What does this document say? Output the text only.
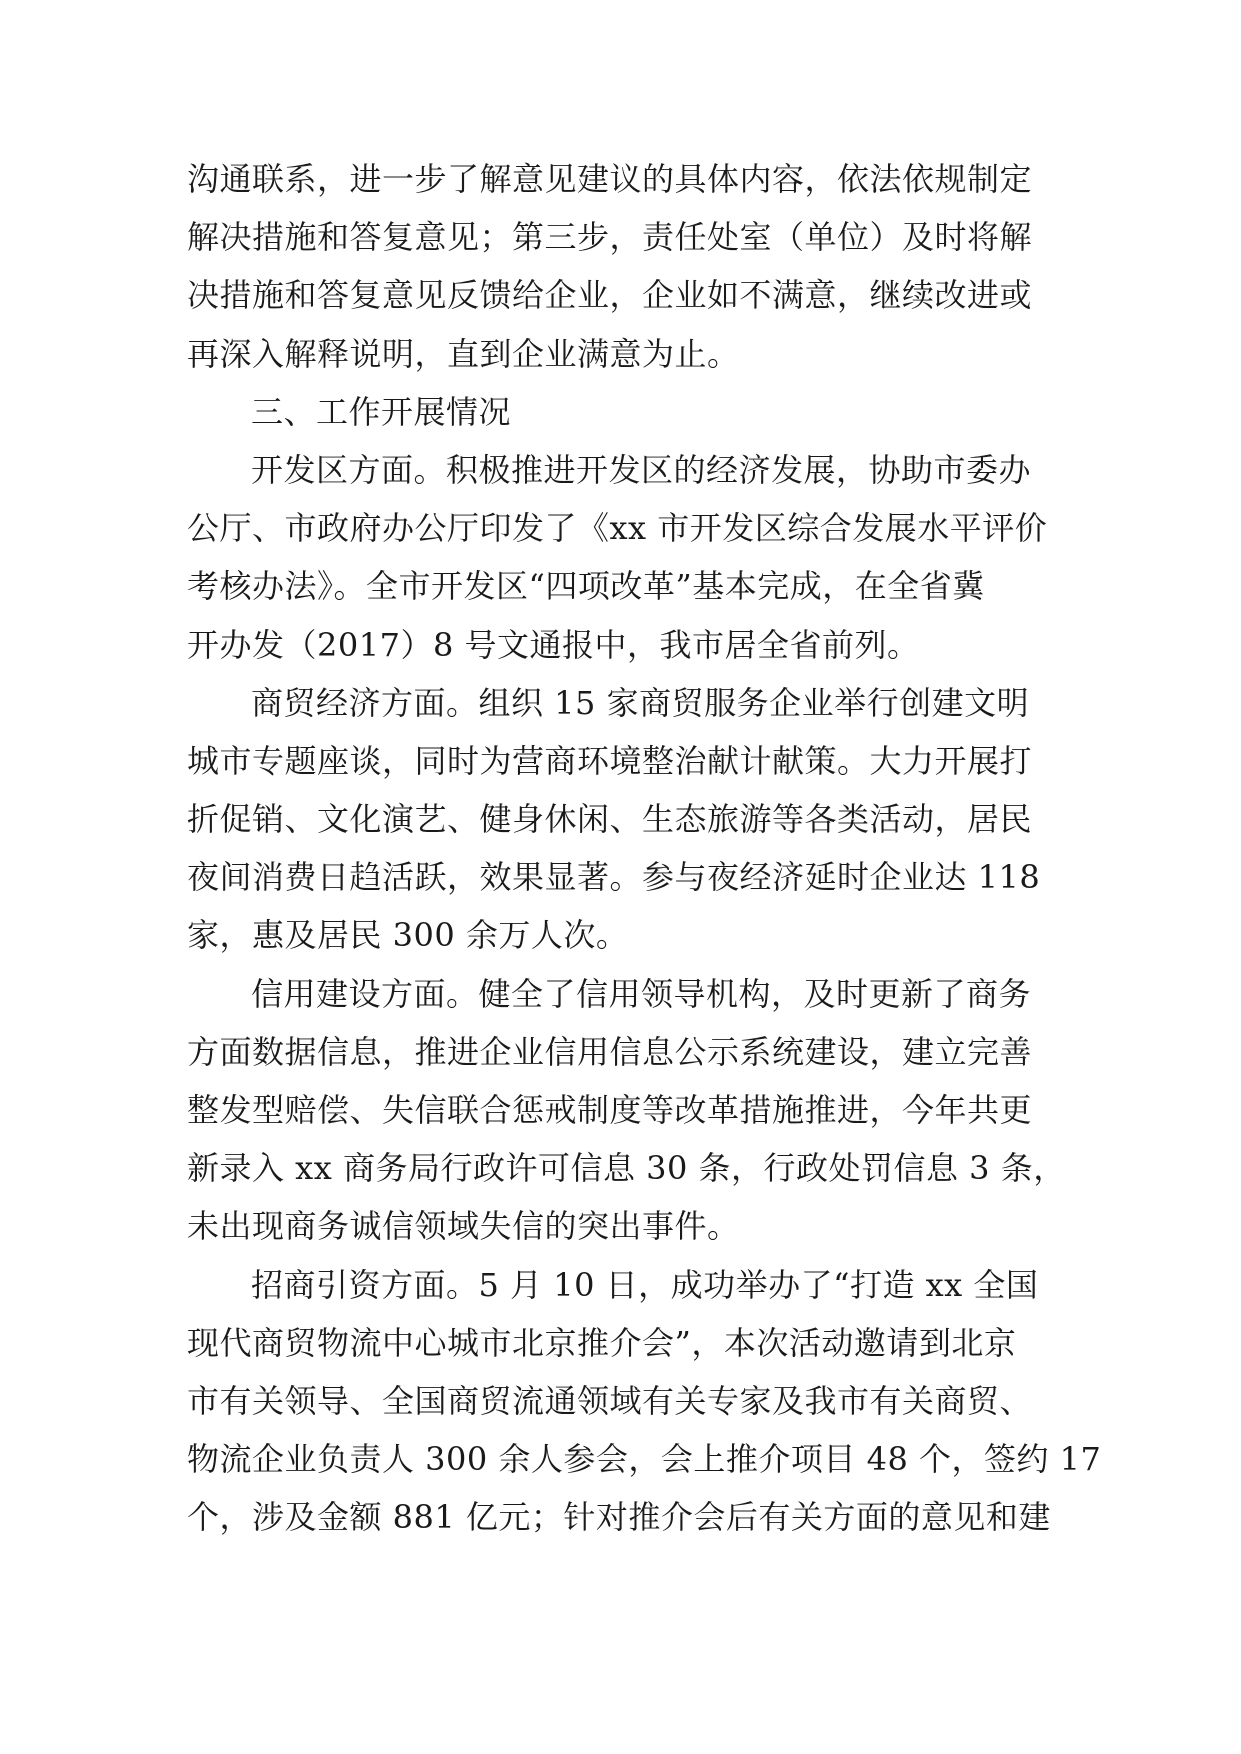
沟通联系，进一步了解意见建议的具体内容，依法依规制定
解决措施和答复意见；第三步，责任处室（单位）及时将解
决措施和答复意见反馈给企业，企业如不满意，继续改进或
再深入解释说明，直到企业满意为止。
三、工作开展情况
开发区方面。积极推进开发区的经济发展，协助市委办
公厅、市政府办公厅印发了《xx 市开发区综合发展水平评价
考核办法》。全市开发区“四项改革”基本完成，在全省冀
开办发（2017）8 号文通报中，我市居全省前列。
商贸经济方面。组织 15 家商贸服务企业举行创建文明
城市专题座谈，同时为营商环境整治献计献策。大力开展打
折促销、文化演艺、健身休闲、生态旅游等各类活动，居民
夜间消费日趋活跃，效果显著。参与夜经济延时企业达 118
家，惠及居民 300 余万人次。
信用建设方面。健全了信用领导机构，及时更新了商务
方面数据信息，推进企业信用信息公示系统建设，建立完善
整发型赔偿、失信联合惩戒制度等改革措施推进，今年共更
新录入 xx 商务局行政许可信息 30 条，行政处罚信息 3 条，
未出现商务诚信领域失信的突出事件。
招商引资方面。5 月 10 日，成功举办了“打造 xx 全国
现代商贸物流中心城市北京推介会”，本次活动邀请到北京
市有关领导、全国商贸流通领域有关专家及我市有关商贸、
物流企业负责人 300 余人参会，会上推介项目 48 个，签约 17
个，涉及金额 881 亿元；针对推介会后有关方面的意见和建
